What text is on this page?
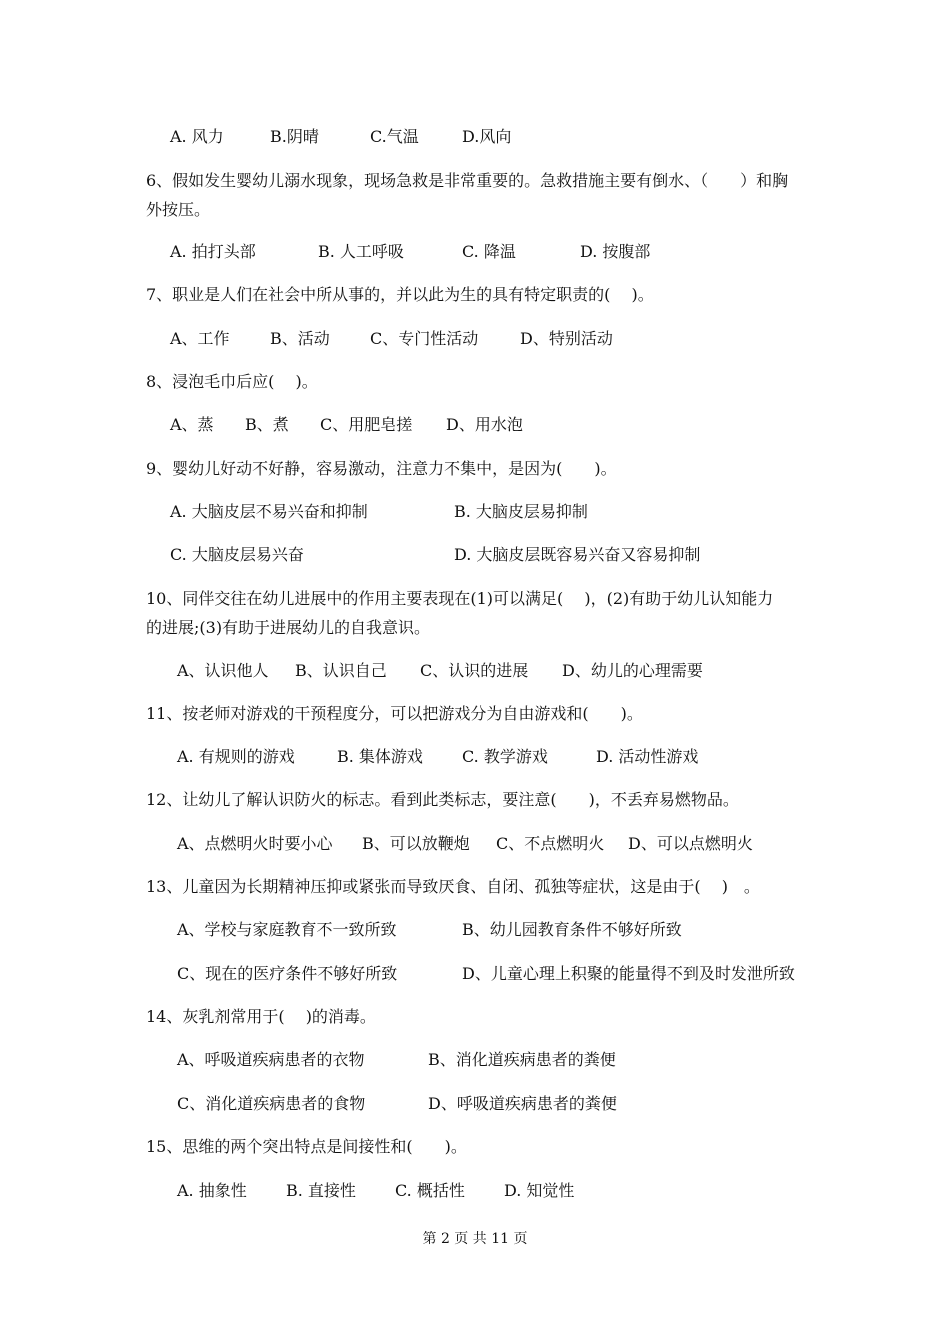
A. 风力	B.阴晴	C.气温	D.风向
6、假如发生婴幼儿溺水现象，现场急救是非常重要的。急救措施主要有倒水、（　　）和胸
外按压。
A. 拍打头部	B. 人工呼吸	C. 降温	D. 按腹部
7、职业是人们在社会中所从事的，并以此为生的具有特定职责的(　 )。
A、工作	B、活动	C、专门性活动	D、特别活动
8、浸泡毛巾后应(　 )。
A、蒸 B、煮 C、用肥皂搓 D、用水泡
9、婴幼儿好动不好静，容易激动，注意力不集中，是因为(　　)。
A. 大脑皮层不易兴奋和抑制	B. 大脑皮层易抑制
C. 大脑皮层易兴奋	D. 大脑皮层既容易兴奋又容易抑制
10、同伴交往在幼儿进展中的作用主要表现在(1)可以满足(　 )，(2)有助于幼儿认知能力
的进展;(3)有助于进展幼儿的自我意识。
A、认识他人 B、认识自己 C、认识的进展 D、幼儿的心理需要
11、按老师对游戏的干预程度分，可以把游戏分为自由游戏和(　　)。
A. 有规则的游戏	B. 集体游戏 C. 教学游戏	D. 活动性游戏
12、让幼儿了解认识防火的标志。看到此类标志，要注意(　　)，不丢弃易燃物品。
A、点燃明火时要小心 B、可以放鞭炮 C、不点燃明火 D、可以点燃明火
13、儿童因为长期精神压抑或紧张而导致厌食、自闭、孤独等症状，这是由于(　 )　。
A、学校与家庭教育不一致所致	B、幼儿园教育条件不够好所致
C、现在的医疗条件不够好所致	D、儿童心理上积聚的能量得不到及时发泄所致
14、灰乳剂常用于(　 )的消毒。
A、呼吸道疾病患者的衣物	B、消化道疾病患者的粪便
C、消化道疾病患者的食物	D、呼吸道疾病患者的粪便
15、思维的两个突出特点是间接性和(　　)。
A. 抽象性 B. 直接性 C. 概括性 D. 知觉性
第 2 页 共 11 页
